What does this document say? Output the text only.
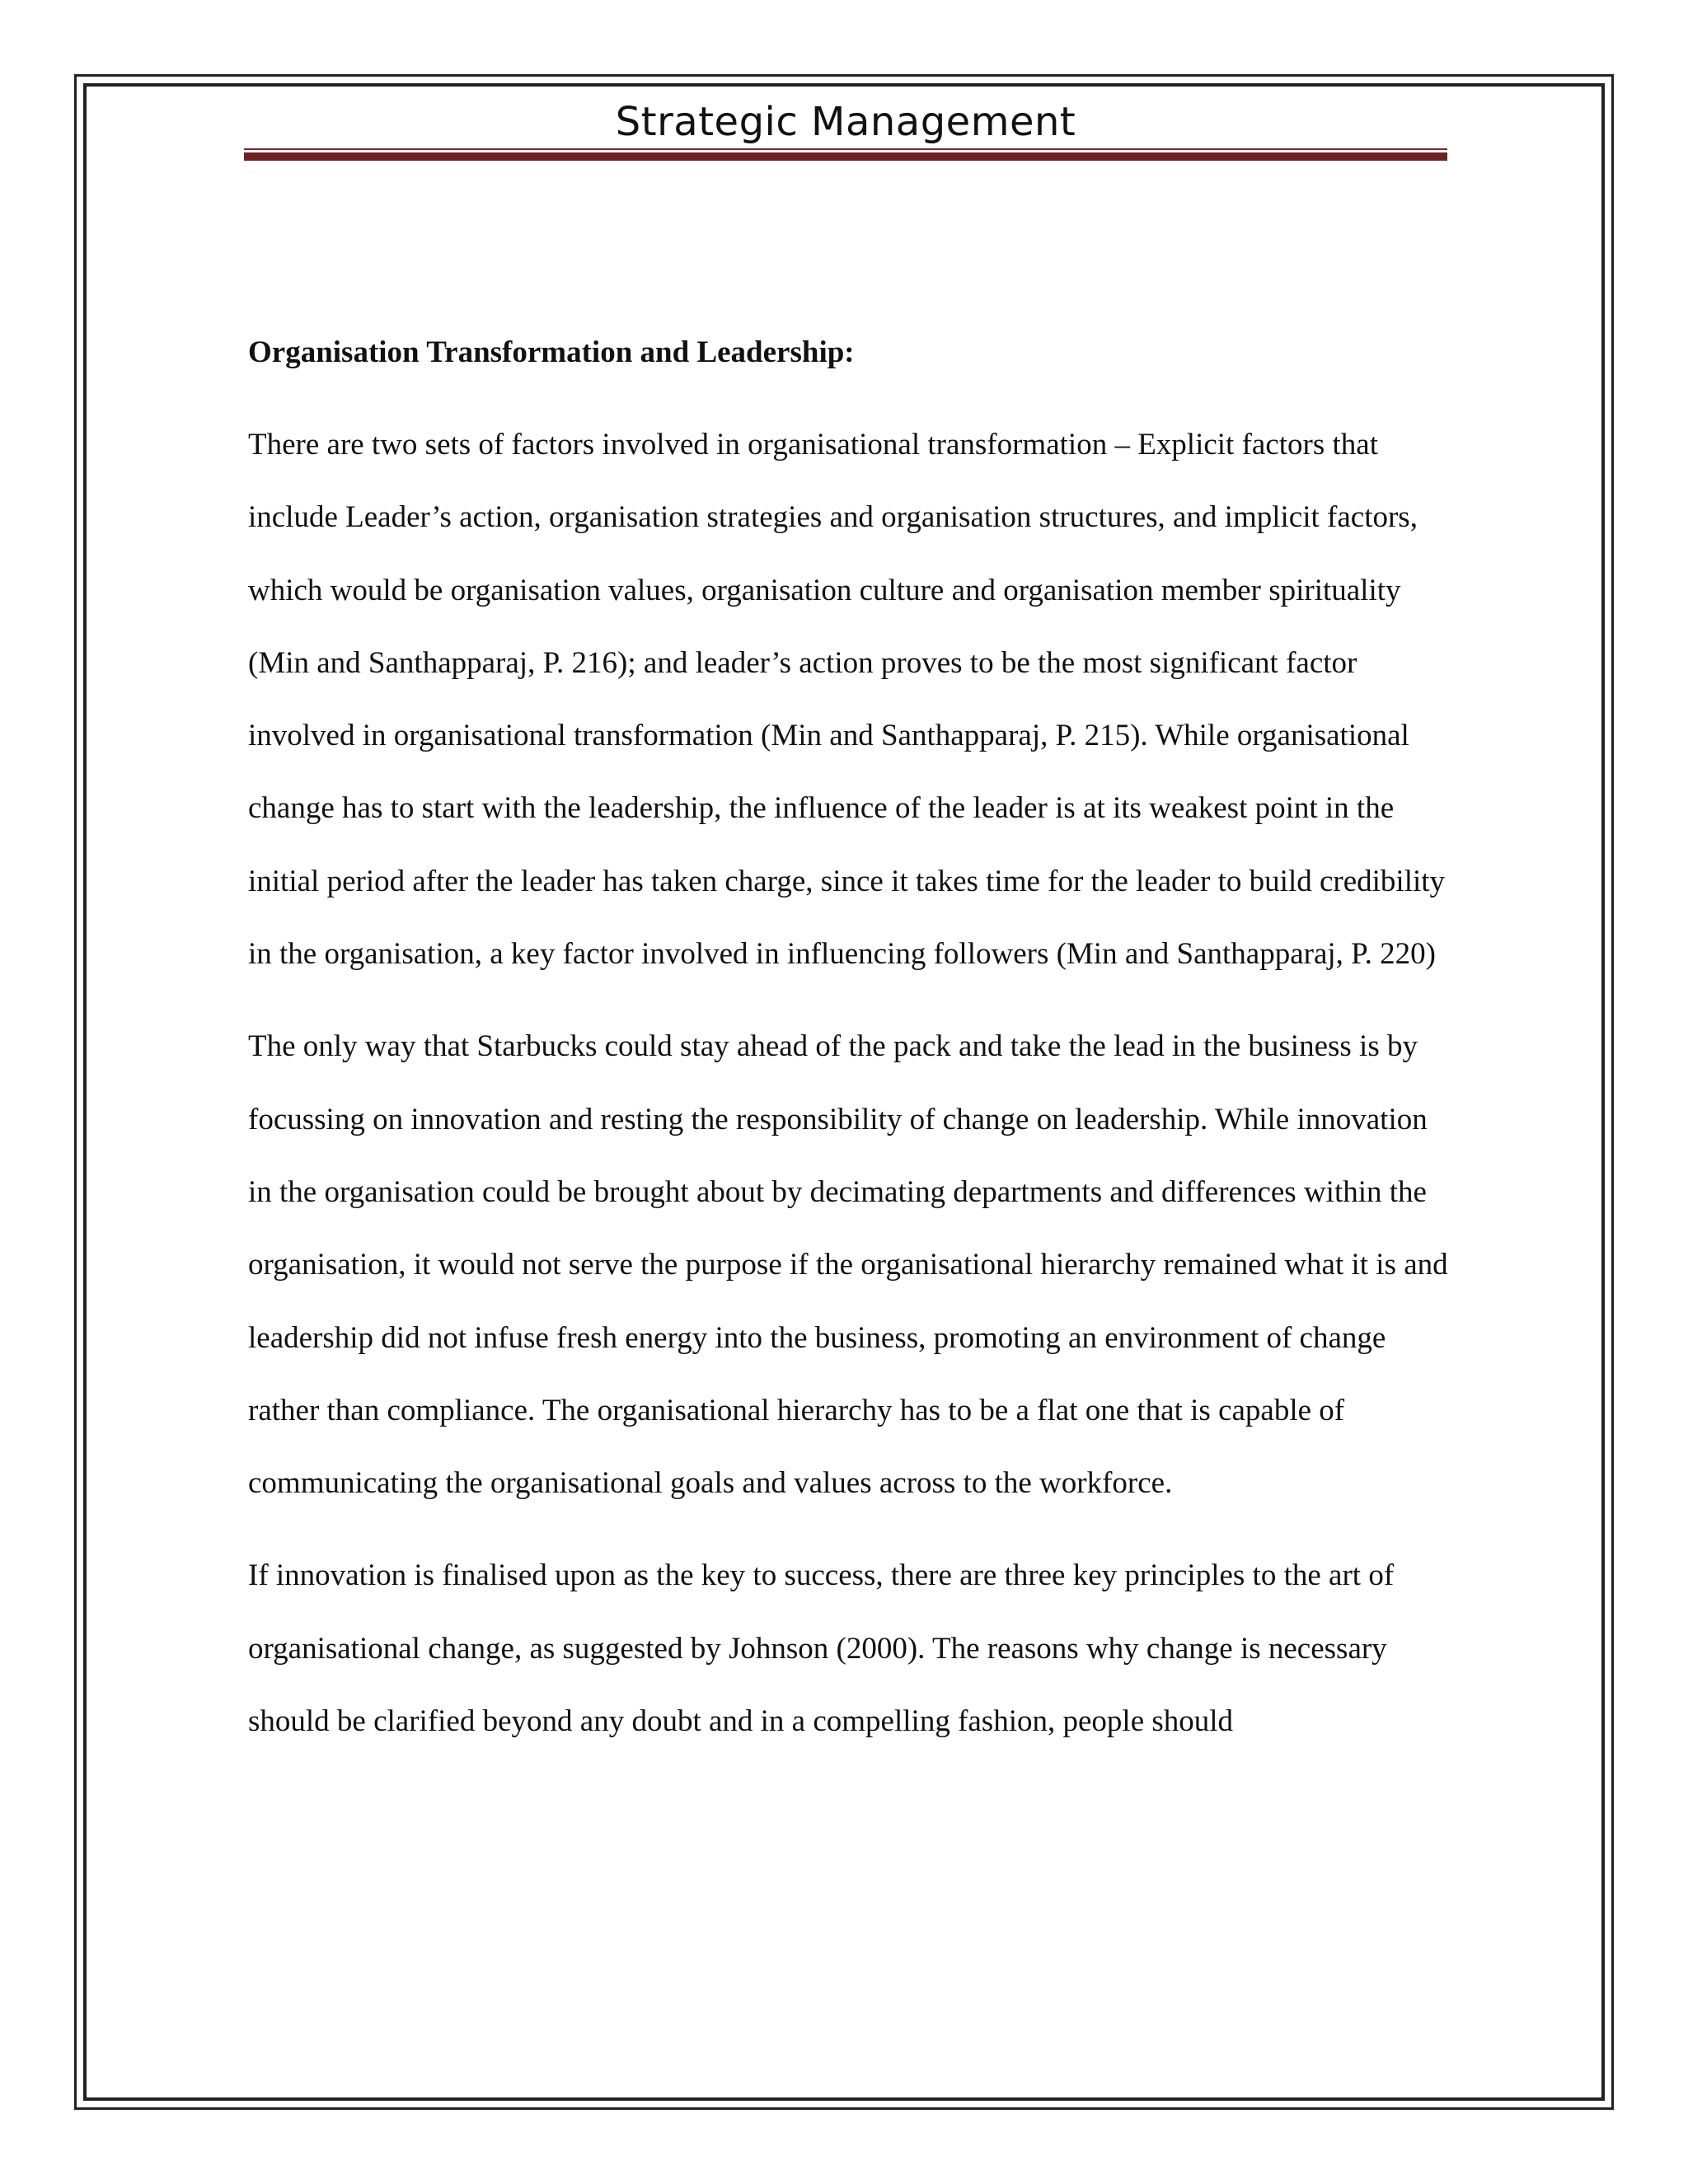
Strategic Management
Organisation Transformation and Leadership:

There are two sets of factors involved in organisational transformation – Explicit factors that include Leader’s action, organisation strategies and organisation structures, and implicit factors, which would be organisation values, organisation culture and organisation member spirituality (Min and Santhapparaj, P. 216); and leader’s action proves to be the most significant factor involved in organisational transformation (Min and Santhapparaj, P. 215). While organisational change has to start with the leadership, the influence of the leader is at its weakest point in the initial period after the leader has taken charge, since it takes time for the leader to build credibility in the organisation, a key factor involved in influencing followers (Min and Santhapparaj, P. 220)

The only way that Starbucks could stay ahead of the pack and take the lead in the business is by focussing on innovation and resting the responsibility of change on leadership. While innovation in the organisation could be brought about by decimating departments and differences within the organisation, it would not serve the purpose if the organisational hierarchy remained what it is and leadership did not infuse fresh energy into the business, promoting an environment of change rather than compliance. The organisational hierarchy has to be a flat one that is capable of communicating the organisational goals and values across to the workforce.

If innovation is finalised upon as the key to success, there are three key principles to the art of organisational change, as suggested by Johnson (2000). The reasons why change is necessary should be clarified beyond any doubt and in a compelling fashion, people should
